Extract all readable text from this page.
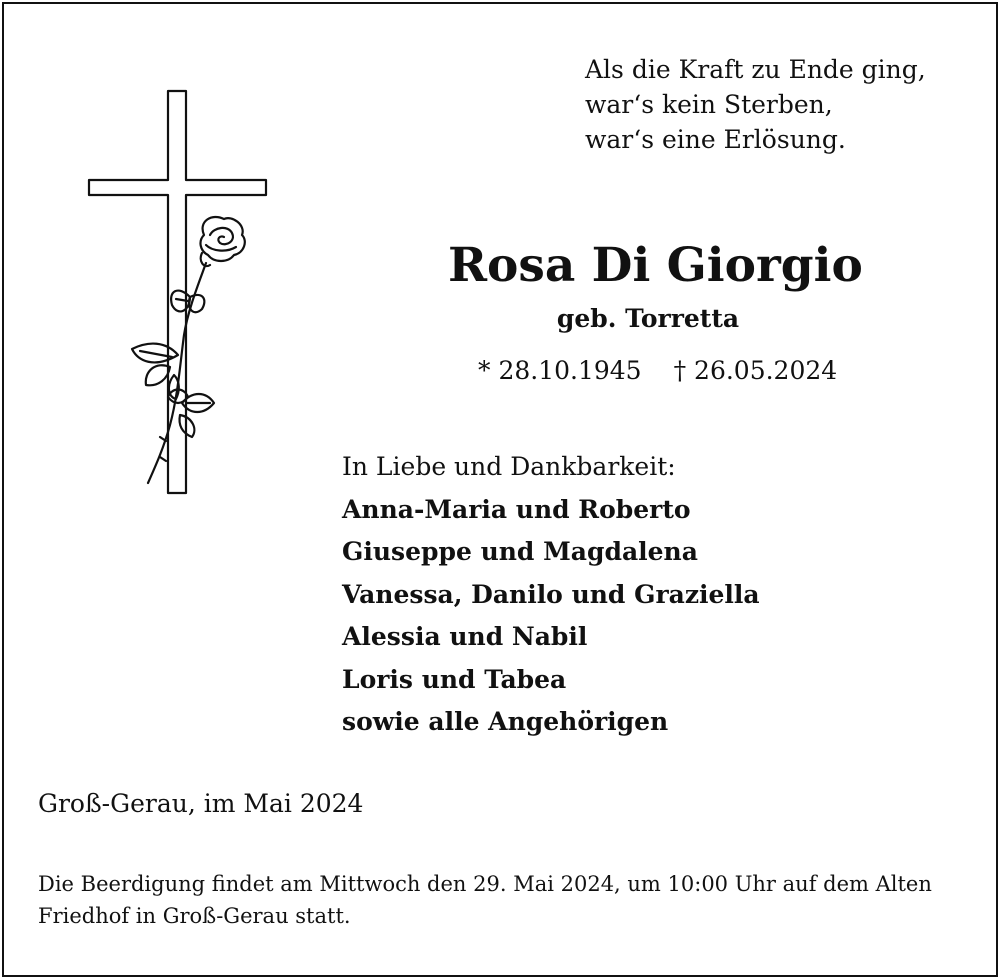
Als die Kraft zu Ende ging,
war‘s kein Sterben,
war‘s eine Erlösung.
Rosa Di Giorgio
geb. Torretta
* 28.10.1945 † 26.05.2024
In Liebe und Dankbarkeit:
Anna-Maria und Roberto
Giuseppe und Magdalena
Vanessa, Danilo und Graziella
Alessia und Nabil
Loris und Tabea
sowie alle Angehörigen
Groß-Gerau, im Mai 2024
Die Beerdigung findet am Mittwoch den 29. Mai 2024, um 10:00 Uhr auf dem Alten
Friedhof in Groß-Gerau statt.
